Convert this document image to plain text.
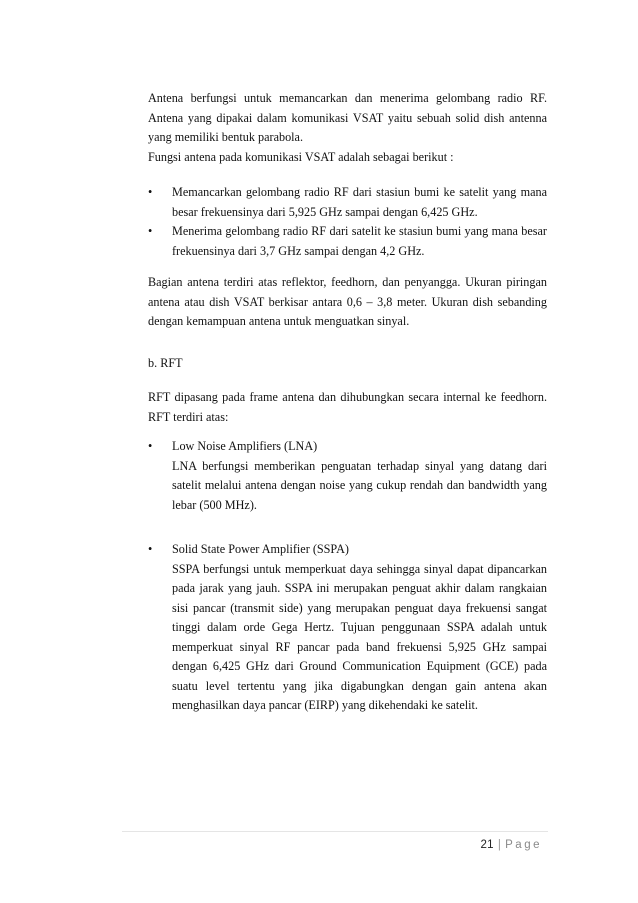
Antena berfungsi untuk memancarkan dan menerima gelombang radio RF. Antena yang dipakai dalam komunikasi VSAT yaitu sebuah solid dish antenna yang memiliki bentuk parabola.

Fungsi antena pada komunikasi VSAT adalah sebagai berikut :

•	Memancarkan gelombang radio RF dari stasiun bumi ke satelit yang mana besar frekuensinya dari 5,925 GHz sampai dengan 6,425 GHz.
•	Menerima gelombang radio RF dari satelit ke stasiun bumi yang mana besar frekuensinya dari 3,7 GHz sampai dengan 4,2 GHz.
Bagian antena terdiri atas reflektor, feedhorn, dan penyangga. Ukuran piringan antena atau dish VSAT berkisar antara 0,6 – 3,8 meter. Ukuran dish sebanding dengan kemampuan antena untuk menguatkan sinyal.
b. RFT
RFT dipasang pada frame antena dan dihubungkan secara internal ke feedhorn. RFT terdiri atas:
•	Low Noise Amplifiers (LNA)
LNA berfungsi memberikan penguatan terhadap sinyal yang datang dari satelit melalui antena dengan noise yang cukup rendah dan bandwidth yang lebar (500 MHz).
•	Solid State Power Amplifier (SSPA)
SSPA berfungsi untuk memperkuat daya sehingga sinyal dapat dipancarkan pada jarak yang jauh. SSPA ini merupakan penguat akhir dalam rangkaian sisi pancar (transmit side) yang merupakan penguat daya frekuensi sangat tinggi dalam orde Gega Hertz. Tujuan penggunaan SSPA adalah untuk memperkuat sinyal RF pancar pada band frekuensi 5,925 GHz sampai dengan 6,425 GHz dari Ground Communication Equipment (GCE) pada suatu level tertentu yang jika digabungkan dengan gain antena akan menghasilkan daya pancar (EIRP) yang dikehendaki ke satelit.
21 | Page
